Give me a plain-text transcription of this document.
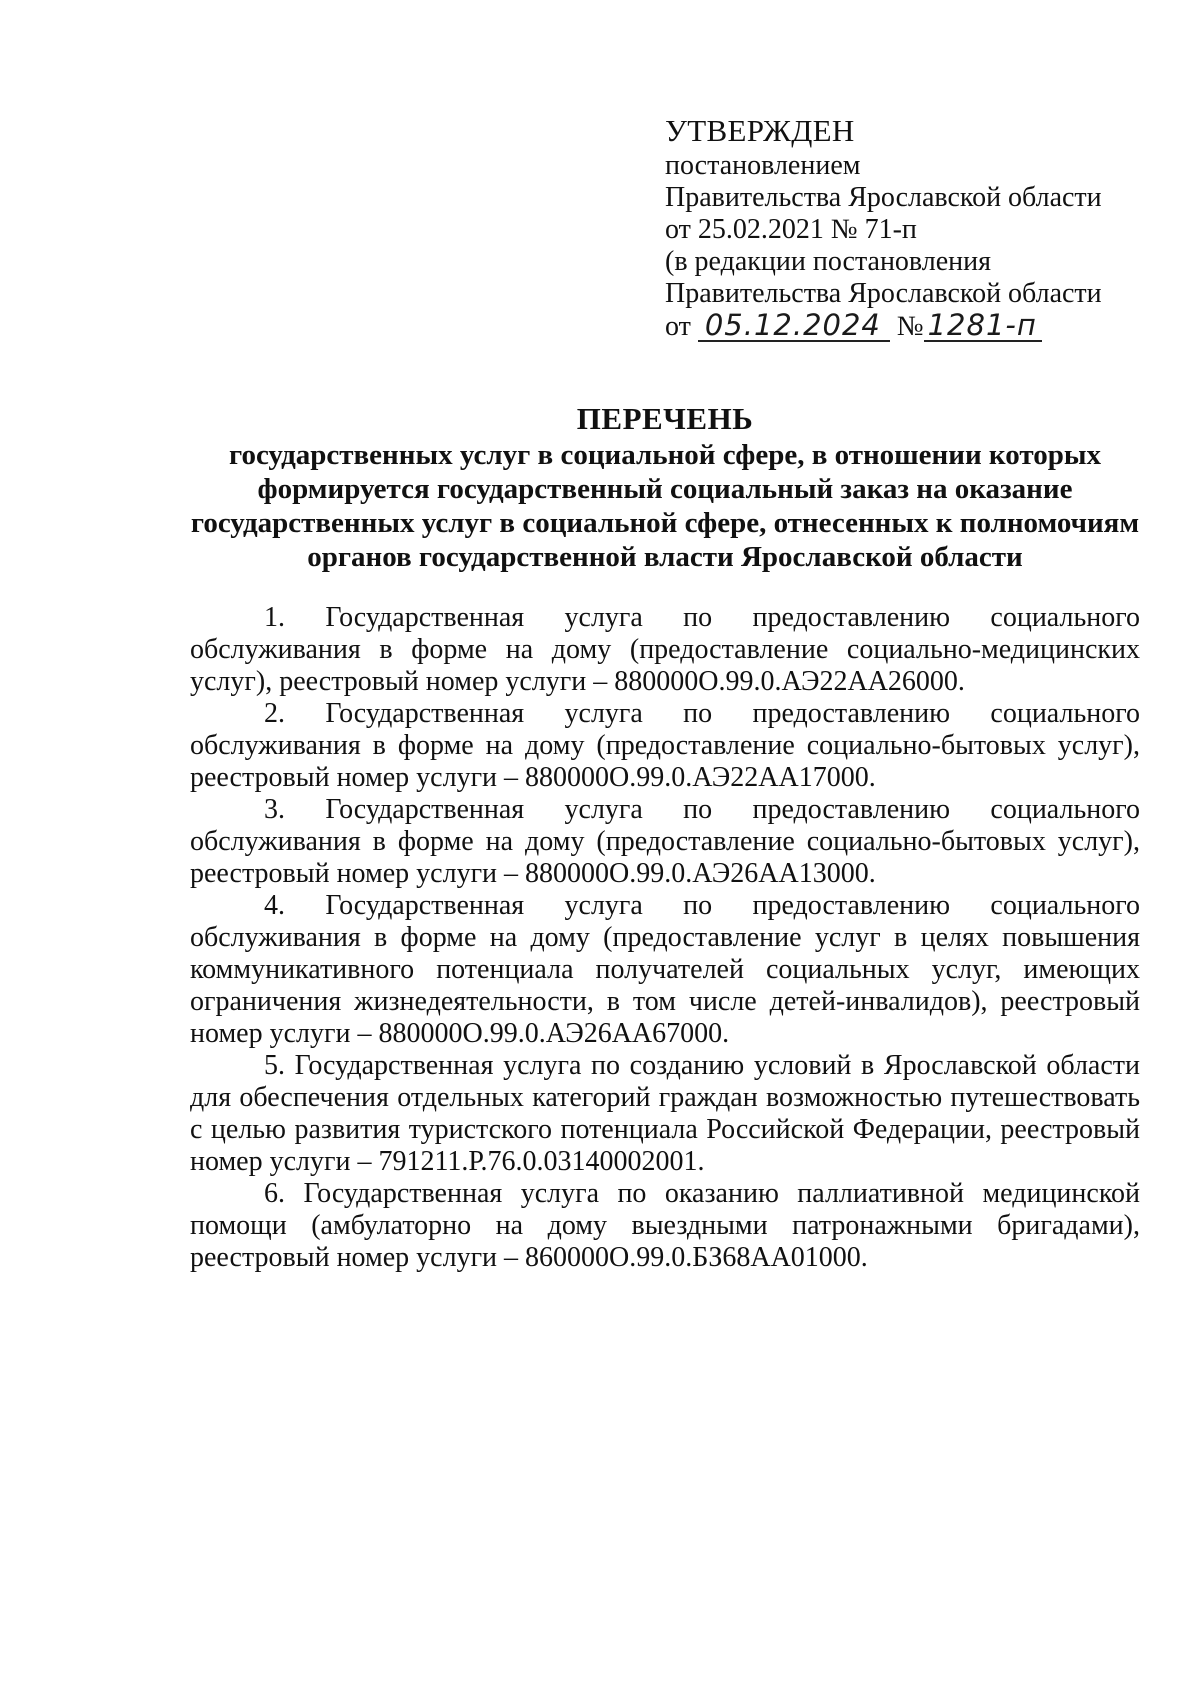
УТВЕРЖДЕН
постановлением
Правительства Ярославской области
от 25.02.2021 № 71-п
(в редакции постановления
Правительства Ярославской области
от 05.12.2024 № 1281-п
ПЕРЕЧЕНЬ
государственных услуг в социальной сфере, в отношении которых
формируется государственный социальный заказ на оказание
государственных услуг в социальной сфере, отнесенных к полномочиям
органов государственной власти Ярославской области

1. Государственная услуга по предоставлению социального обслуживания в форме на дому (предоставление социально-медицинских услуг), реестровый номер услуги – 880000О.99.0.АЭ22АА26000.

2. Государственная услуга по предоставлению социального обслуживания в форме на дому (предоставление социально-бытовых услуг), реестровый номер услуги – 880000О.99.0.АЭ22АА17000.

3. Государственная услуга по предоставлению социального обслуживания в форме на дому (предоставление социально-бытовых услуг), реестровый номер услуги – 880000О.99.0.АЭ26АА13000.

4. Государственная услуга по предоставлению социального обслуживания в форме на дому (предоставление услуг в целях повышения коммуникативного потенциала получателей социальных услуг, имеющих ограничения жизнедеятельности, в том числе детей-инвалидов), реестровый номер услуги – 880000О.99.0.АЭ26АА67000.

5. Государственная услуга по созданию условий в Ярославской области для обеспечения отдельных категорий граждан возможностью путешествовать с целью развития туристского потенциала Российской Федерации, реестровый номер услуги – 791211.Р.76.0.03140002001.

6. Государственная услуга по оказанию паллиативной медицинской помощи (амбулаторно на дому выездными патронажными бригадами), реестровый номер услуги – 860000О.99.0.БЗ68АА01000.
